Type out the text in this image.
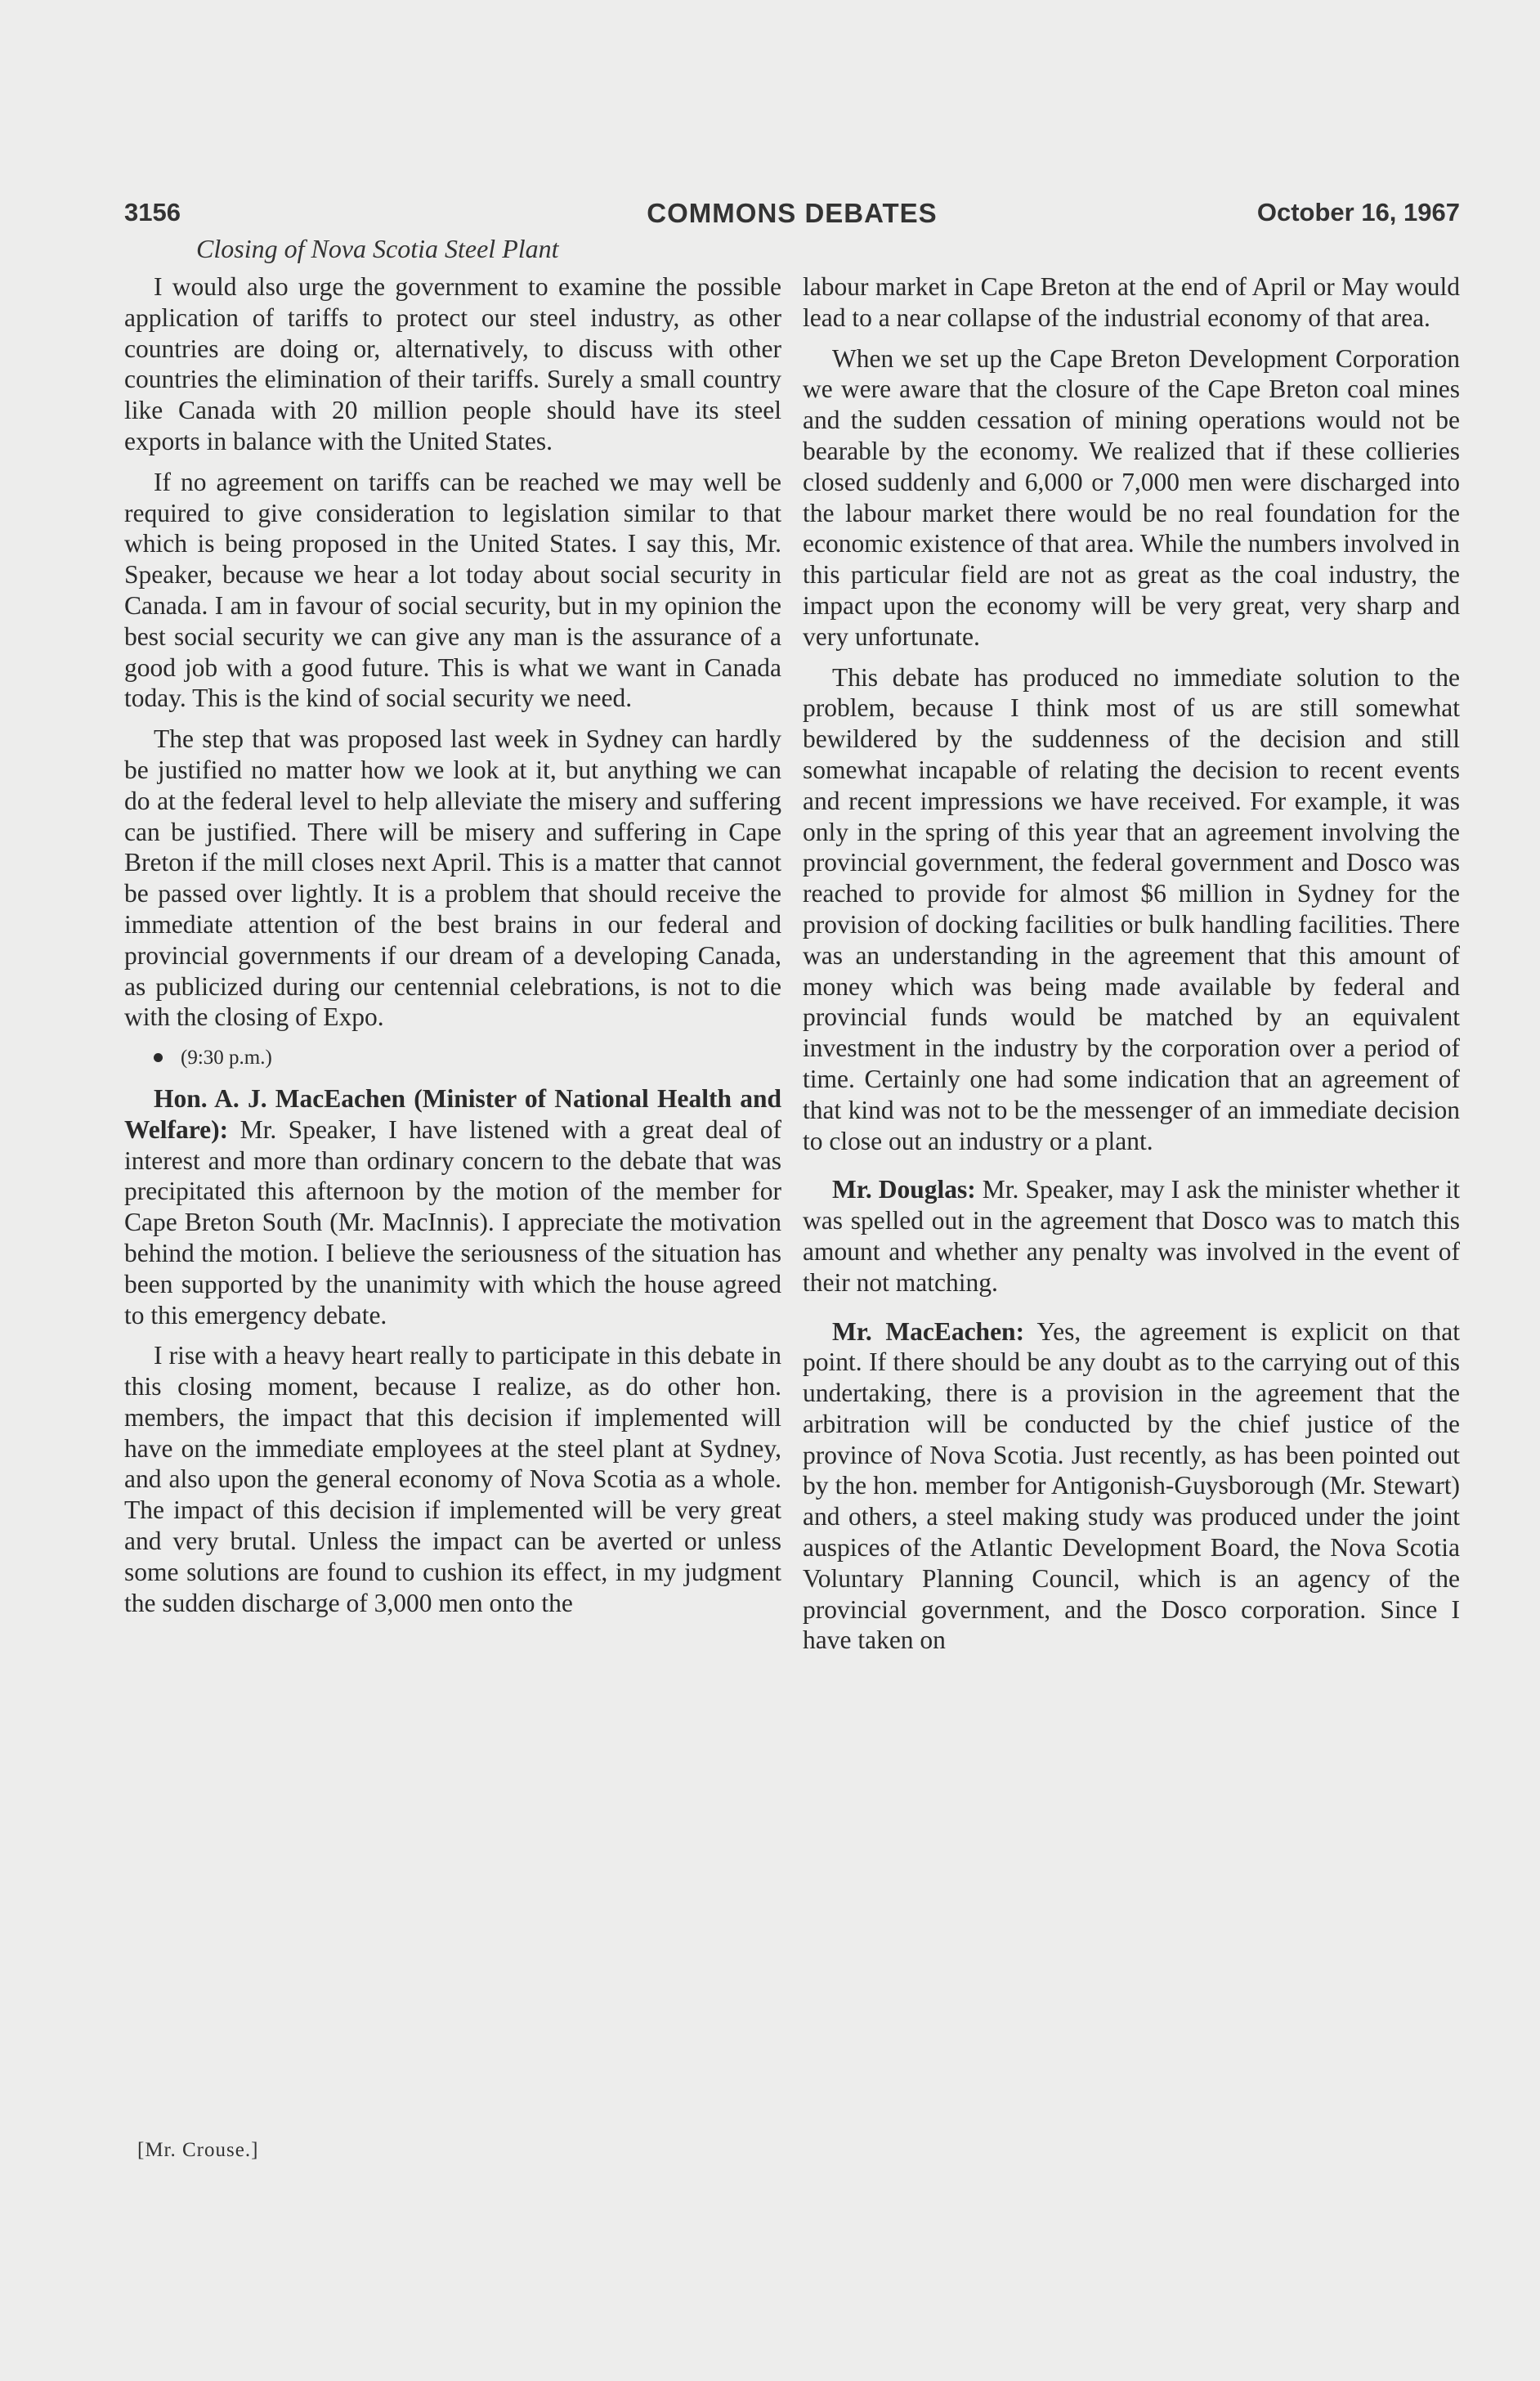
3156	COMMONS DEBATES	October 16, 1967
Closing of Nova Scotia Steel Plant

I would also urge the government to examine the possible application of tariffs to protect our steel industry, as other countries are doing or, alternatively, to discuss with other countries the elimination of their tariffs. Surely a small country like Canada with 20 million people should have its steel exports in balance with the United States.

If no agreement on tariffs can be reached we may well be required to give consideration to legislation similar to that which is being proposed in the United States. I say this, Mr. Speaker, because we hear a lot today about social security in Canada. I am in favour of social security, but in my opinion the best social security we can give any man is the assurance of a good job with a good future. This is what we want in Canada today. This is the kind of social security we need.

The step that was proposed last week in Sydney can hardly be justified no matter how we look at it, but anything we can do at the federal level to help alleviate the misery and suffering can be justified. There will be misery and suffering in Cape Breton if the mill closes next April. This is a matter that cannot be passed over lightly. It is a problem that should receive the immediate attention of the best brains in our federal and provincial governments if our dream of a developing Canada, as publicized during our centennial celebrations, is not to die with the closing of Expo.

(9:30 p.m.)

Hon. A. J. MacEachen (Minister of National Health and Welfare): Mr. Speaker, I have listened with a great deal of interest and more than ordinary concern to the debate that was precipitated this afternoon by the motion of the member for Cape Breton South (Mr. MacInnis). I appreciate the motivation behind the motion. I believe the seriousness of the situation has been supported by the unanimity with which the house agreed to this emergency debate.

I rise with a heavy heart really to participate in this debate in this closing moment, because I realize, as do other hon. members, the impact that this decision if implemented will have on the immediate employees at the steel plant at Sydney, and also upon the general economy of Nova Scotia as a whole. The impact of this decision if implemented will be very great and very brutal. Unless the impact can be averted or unless some solutions are found to cushion its effect, in my judgment the sudden discharge of 3,000 men onto the

labour market in Cape Breton at the end of April or May would lead to a near collapse of the industrial economy of that area.

When we set up the Cape Breton Development Corporation we were aware that the closure of the Cape Breton coal mines and the sudden cessation of mining operations would not be bearable by the economy. We realized that if these collieries closed suddenly and 6,000 or 7,000 men were discharged into the labour market there would be no real foundation for the economic existence of that area. While the numbers involved in this particular field are not as great as the coal industry, the impact upon the economy will be very great, very sharp and very unfortunate.

This debate has produced no immediate solution to the problem, because I think most of us are still somewhat bewildered by the suddenness of the decision and still somewhat incapable of relating the decision to recent events and recent impressions we have received. For example, it was only in the spring of this year that an agreement involving the provincial government, the federal government and Dosco was reached to provide for almost $6 million in Sydney for the provision of docking facilities or bulk handling facilities. There was an understanding in the agreement that this amount of money which was being made available by federal and provincial funds would be matched by an equivalent investment in the industry by the corporation over a period of time. Certainly one had some indication that an agreement of that kind was not to be the messenger of an immediate decision to close out an industry or a plant.

Mr. Douglas: Mr. Speaker, may I ask the minister whether it was spelled out in the agreement that Dosco was to match this amount and whether any penalty was involved in the event of their not matching.

Mr. MacEachen: Yes, the agreement is explicit on that point. If there should be any doubt as to the carrying out of this undertaking, there is a provision in the agreement that the arbitration will be conducted by the chief justice of the province of Nova Scotia. Just recently, as has been pointed out by the hon. member for Antigonish-Guysborough (Mr. Stewart) and others, a steel making study was produced under the joint auspices of the Atlantic Development Board, the Nova Scotia Voluntary Planning Council, which is an agency of the provincial government, and the Dosco corporation. Since I have taken on

[Mr. Crouse.]
